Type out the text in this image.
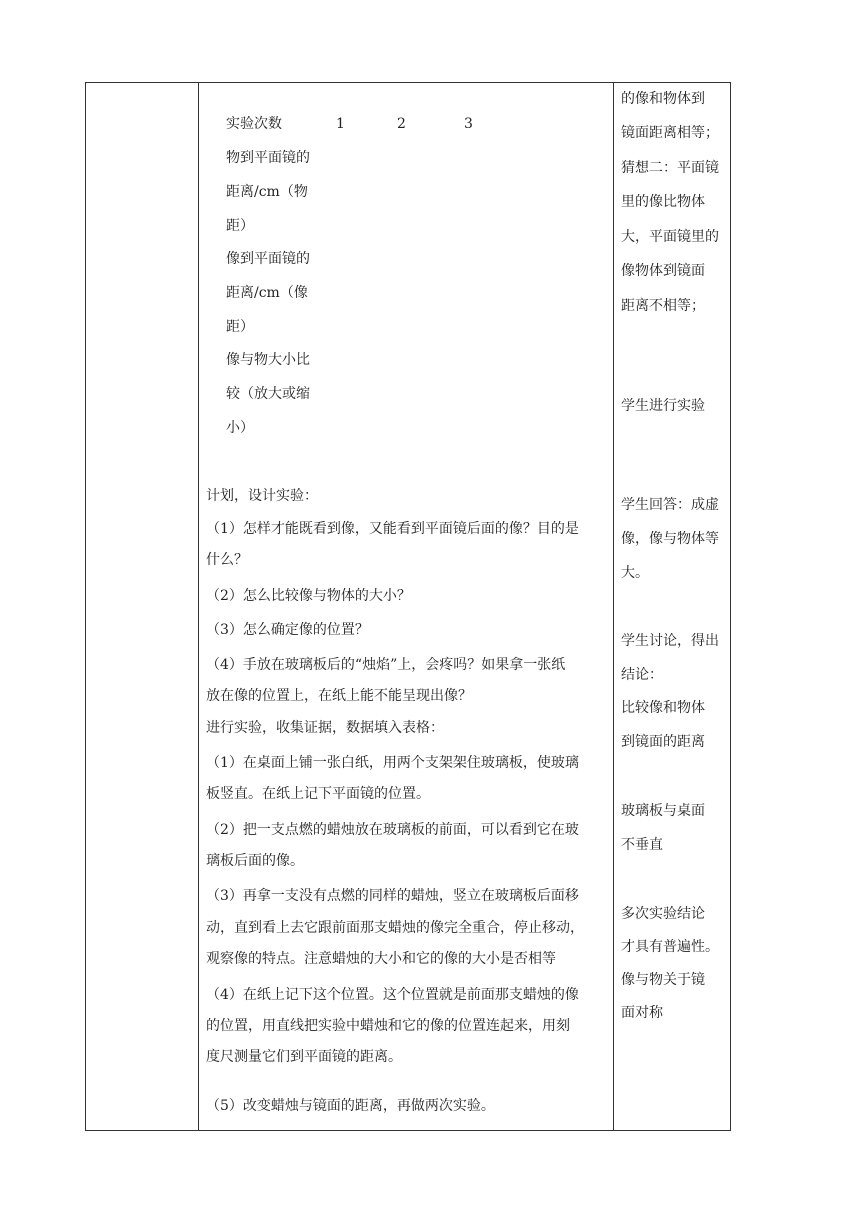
实验次数	1	2	3
物到平面镜的
距离/cm（物
距）
像到平面镜的
距离/cm（像
距）
像与物大小比
较（放大或缩
小）
计划，设计实验：
（1）怎样才能既看到像，又能看到平面镜后面的像？目的是
什么？
（2）怎么比较像与物体的大小？
（3）怎么确定像的位置？
（4）手放在玻璃板后的“烛焰”上，会疼吗？如果拿一张纸
放在像的位置上，在纸上能不能呈现出像？
进行实验，收集证据，数据填入表格：
（1）在桌面上铺一张白纸，用两个支架架住玻璃板，使玻璃
板竖直。在纸上记下平面镜的位置。
（2）把一支点燃的蜡烛放在玻璃板的前面，可以看到它在玻
璃板后面的像。
（3）再拿一支没有点燃的同样的蜡烛，竖立在玻璃板后面移
动，直到看上去它跟前面那支蜡烛的像完全重合，停止移动，
观察像的特点。注意蜡烛的大小和它的像的大小是否相等
（4）在纸上记下这个位置。这个位置就是前面那支蜡烛的像
的位置，用直线把实验中蜡烛和它的像的位置连起来，用刻
度尺测量它们到平面镜的距离。
（5）改变蜡烛与镜面的距离，再做两次实验。
的像和物体到
镜面距离相等；
猜想二：平面镜
里的像比物体
大，平面镜里的
像物体到镜面
距离不相等；
学生进行实验
学生回答：成虚
像，像与物体等
大。
学生讨论，得出
结论：
比较像和物体
到镜面的距离
玻璃板与桌面
不垂直
多次实验结论
才具有普遍性。
像与物关于镜
面对称
